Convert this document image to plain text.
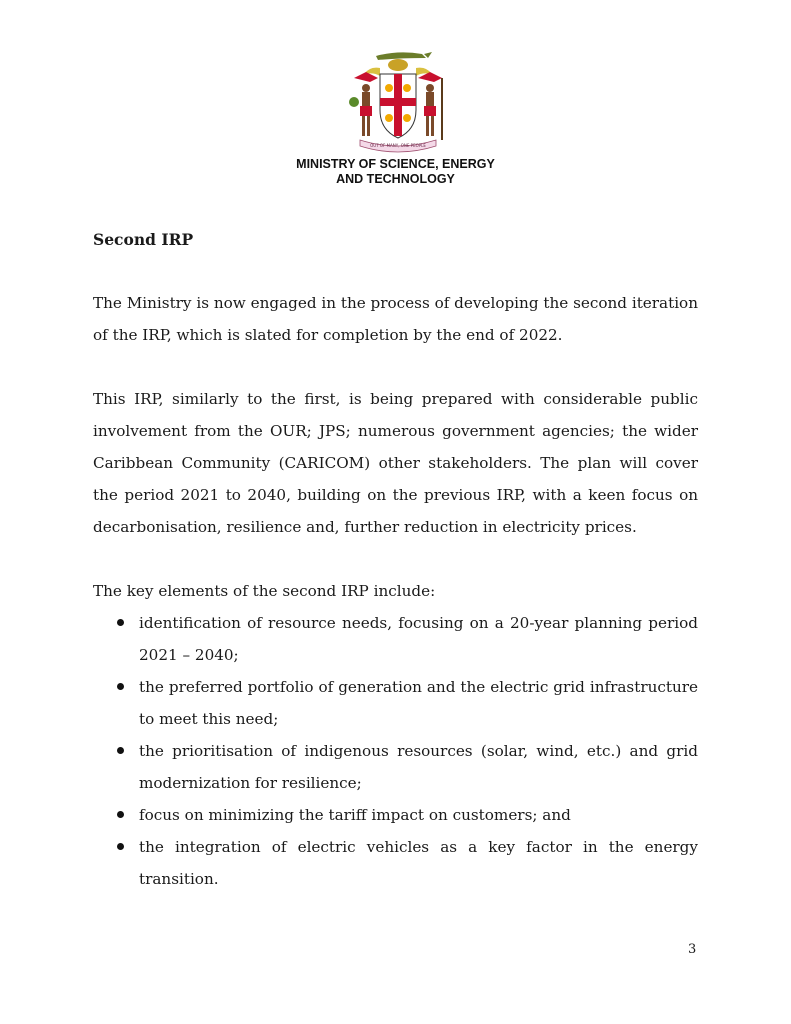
OUT OF MANY, ONE PEOPLE
MINISTRY OF SCIENCE, ENERGY
AND TECHNOLOGY
Second IRP

The Ministry is now engaged in the process of developing the second iteration of the IRP, which is slated for completion by the end of 2022.

This IRP, similarly to the first, is being prepared with considerable public involvement from the OUR; JPS; numerous government agencies; the wider Caribbean Community (CARICOM) other stakeholders. The plan will cover the period 2021 to 2040, building on the previous IRP, with a keen focus on decarbonisation, resilience and, further reduction in electricity prices.

The key elements of the second IRP include:

identification of resource needs, focusing on a 20-year planning period 2021 – 2040;
the preferred portfolio of generation and the electric grid infrastructure to meet this need;
the prioritisation of indigenous resources (solar, wind, etc.) and grid modernization for resilience;
focus on minimizing the tariff impact on customers; and
the integration of electric vehicles as a key factor in the energy transition.
3
